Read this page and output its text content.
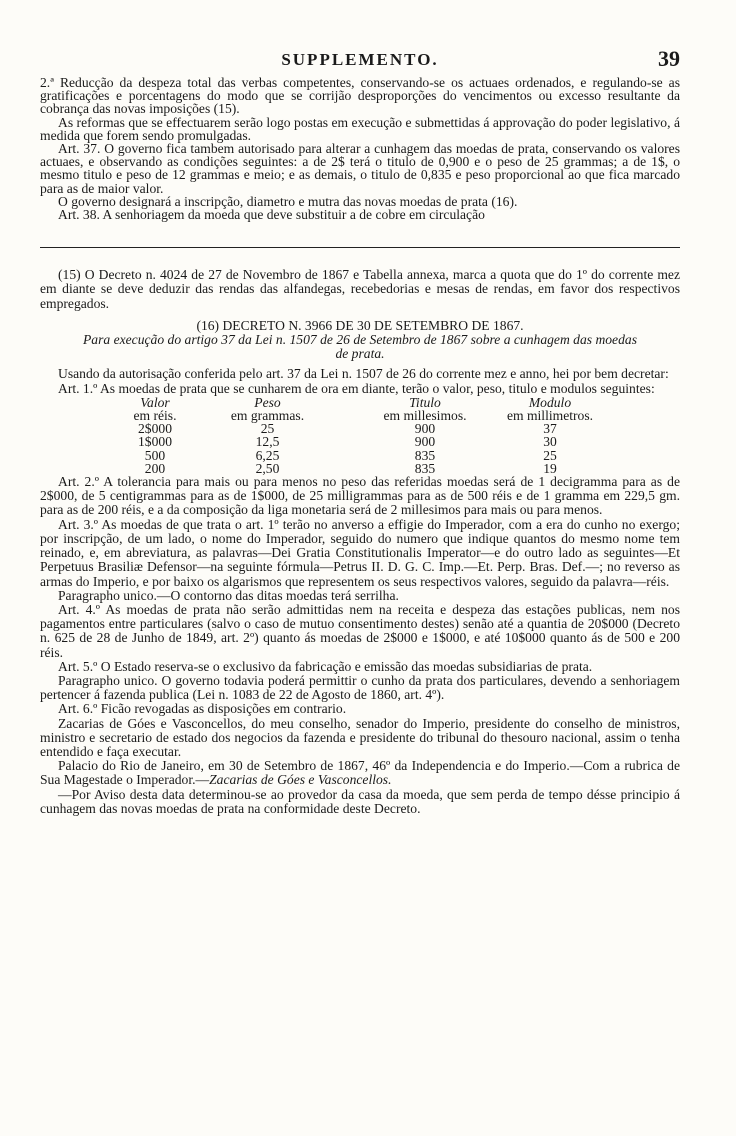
SUPPLEMENTO.	39

2.ª Reducção da despeza total das verbas competentes, conservando-se os actuaes ordenados, e regulando-se as gratificações e porcentagens do modo que se corrijão desproporções do vencimentos ou excesso resultante da cobrança das novas imposições (15).

As reformas que se effectuarem serão logo postas em execução e submettidas á approvação do poder legislativo, á medida que forem sendo promulgadas.

Art. 37. O governo fica tambem autorisado para alterar a cunhagem das moedas de prata, conservando os valores actuaes, e observando as condições seguintes: a de 2$ terá o titulo de 0,900 e o peso de 25 grammas; a de 1$, o mesmo titulo e peso de 12 grammas e meio; e as demais, o titulo de 0,835 e peso proporcional ao que fica marcado para as de maior valor.

O governo designará a inscripção, diametro e mutra das novas moedas de prata (16).

Art. 38. A senhoriagem da moeda que deve substituir a de cobre em circulação

(15) O Decreto n. 4024 de 27 de Novembro de 1867 e Tabella annexa, marca a quota que do 1º do corrente mez em diante se deve deduzir das rendas das alfandegas, recebedorias e mesas de rendas, em favor dos respectivos empregados.

(16) DECRETO N. 3966 DE 30 DE SETEMBRO DE 1867.

Para execução do artigo 37 da Lei n. 1507 de 26 de Setembro de 1867 sobre a cunhagem das moedas de prata.

Usando da autorisação conferida pelo art. 37 da Lei n. 1507 de 26 do corrente mez e anno, hei por bem decretar:

Art. 1.º As moedas de prata que se cunharem de ora em diante, terão o valor, peso, titulo e modulos seguintes:

Valor	Peso	Titulo	Modulo
em réis.	em grammas.	em millesimos.	em millimetros.
2$000	25	900	37
1$000	12,5	900	30
500	6,25	835	25
200	2,50	835	19

Art. 2.º A tolerancia para mais ou para menos no peso das referidas moedas será de 1 decigramma para as de 2$000, de 5 centigrammas para as de 1$000, de 25 milligrammas para as de 500 réis e de 1 gramma em 229,5 gm. para as de 200 réis, e a da composição da liga monetaria será de 2 millesimos para mais ou para menos.

Art. 3.º As moedas de que trata o art. 1º terão no anverso a effigie do Imperador, com a era do cunho no exergo; por inscripção, de um lado, o nome do Imperador, seguido do numero que indique quantos do mesmo nome tem reinado, e, em abreviatura, as palavras—Dei Gratia Constitutionalis Imperator—e do outro lado as seguintes—Et Perpetuus Brasiliæ Defensor—na seguinte fórmula—Petrus II. D. G. C. Imp.—Et. Perp. Bras. Def.—; no reverso as armas do Imperio, e por baixo os algarismos que representem os seus respectivos valores, seguido da palavra—réis.

Paragrapho unico.—O contorno das ditas moedas terá serrilha.

Art. 4.º As moedas de prata não serão admittidas nem na receita e despeza das estações publicas, nem nos pagamentos entre particulares (salvo o caso de mutuo consentimento destes) senão até a quantia de 20$000 (Decreto n. 625 de 28 de Junho de 1849, art. 2º) quanto ás moedas de 2$000 e 1$000, e até 10$000 quanto ás de 500 e 200 réis.

Art. 5.º O Estado reserva-se o exclusivo da fabricação e emissão das moedas subsidiarias de prata.

Paragrapho unico. O governo todavia poderá permittir o cunho da prata dos particulares, devendo a senhoriagem pertencer á fazenda publica (Lei n. 1083 de 22 de Agosto de 1860, art. 4º).

Art. 6.º Ficão revogadas as disposições em contrario.

Zacarias de Góes e Vasconcellos, do meu conselho, senador do Imperio, presidente do conselho de ministros, ministro e secretario de estado dos negocios da fazenda e presidente do tribunal do thesouro nacional, assim o tenha entendido e faça executar.

Palacio do Rio de Janeiro, em 30 de Setembro de 1867, 46º da Independencia e do Imperio.—Com a rubrica de Sua Magestade o Imperador.—Zacarias de Góes e Vasconcellos.

—Por Aviso desta data determinou-se ao provedor da casa da moeda, que sem perda de tempo désse principio á cunhagem das novas moedas de prata na conformidade deste Decreto.
